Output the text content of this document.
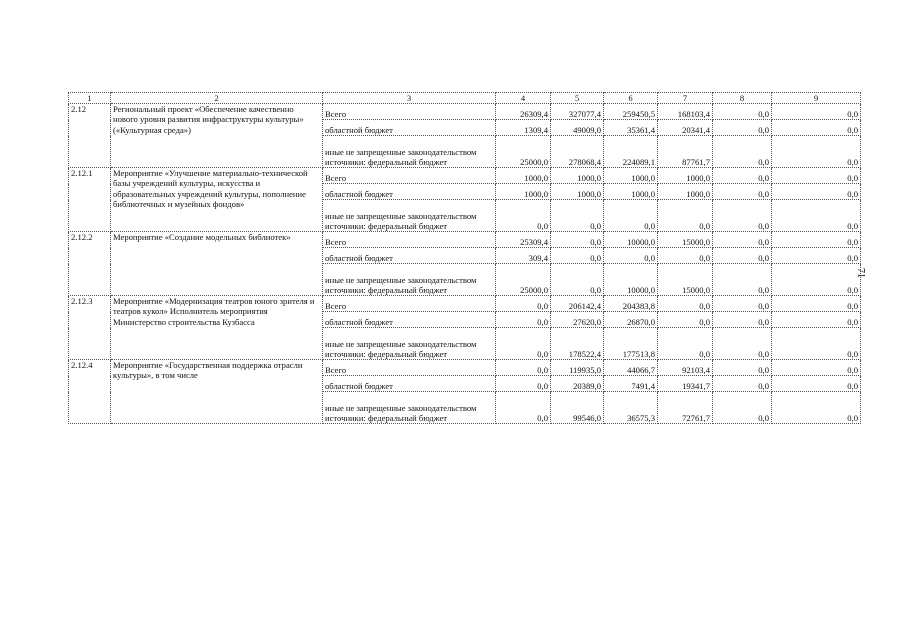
1	2	3	4	5	6	7	8	9
2.12	Региональный проект «Обеспечение качественно нового уровня развития инфраструктуры культуры» («Культурная среда»)	Всего	26309,4	327077,4	259450,5	168103,4	0,0	0,0
		областной бюджет	1309,4	49009,0	35361,4	20341,4	0,0	0,0
		иные не запрещенные законодательством источники: федеральный бюджет	25000,0	278068,4	224089,1	87761,7	0,0	0,0
2.12.1	Мероприятие «Улучшение материально-технической базы учреждений культуры, искусства и образовательных учреждений культуры, пополнение библиотечных и музейных фондов»	Всего	1000,0	1000,0	1000,0	1000,0	0,0	0,0
		областной бюджет	1000,0	1000,0	1000,0	1000,0	0,0	0,0
		иные не запрещенные законодательством источники: федеральный бюджет	0,0	0,0	0,0	0,0	0,0	0,0
2.12.2	Мероприятие «Создание модельных библиотек»	Всего	25309,4	0,0	10000,0	15000,0	0,0	0,0
		областной бюджет	309,4	0,0	0,0	0,0	0,0	0,0
		иные не запрещенные законодательством источники: федеральный бюджет	25000,0	0,0	10000,0	15000,0	0,0	0,0
2.12.3	Мероприятие «Модернизация театров юного зрителя и театров кукол» Исполнитель мероприятия Министерство строительства Кузбасса	Всего	0,0	206142,4	204383,8	0,0	0,0	0,0
		областной бюджет	0,0	27620,0	26870,0	0,0	0,0	0,0
		иные не запрещенные законодательством источники: федеральный бюджет	0,0	178522,4	177513,8	0,0	0,0	0,0
2.12.4	Мероприятие «Государственная поддержка отрасли культуры», в том числе	Всего	0,0	119935,0	44066,7	92103,4	0,0	0,0
		областной бюджет	0,0	20389,0	7491,4	19341,7	0,0	0,0
		иные не запрещенные законодательством источники: федеральный бюджет	0,0	99546,0	36575,3	72761,7	0,0	0,0
71
